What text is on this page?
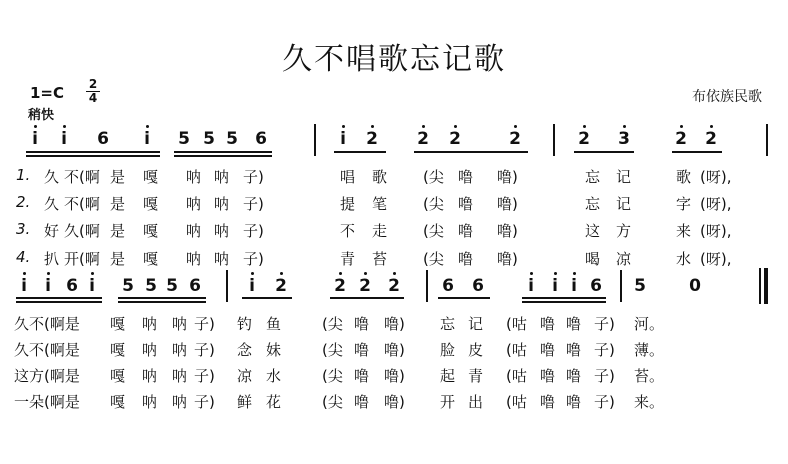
久不唱歌忘记歌
1=C 2
4
稍快
布依族民歌
i	i	6	i	5 5 5 6	i	2 2 2	2	2 3	2 2
1. 久 不(啊 是 嘎 呐 呐 子)	唱 歌 (尖 噜 噜)	忘 记	歌 (呀),
2. 久 不(啊 是 嘎 呐 呐 子)	提 笔 (尖 噜 噜)	忘 记	字 (呀),
3. 好 久(啊 是 嘎 呐 呐 子)	不 走 (尖 噜 噜)	这 方	来 (呀),
4. 扒 开(啊 是 嘎 呐 呐 子)	青 苔 (尖 噜 噜)	喝 凉	水 (呀),
i	i 6 i	5 5 5 6	i	2	2 2 2 6 6	i	i i 6 5	0
久不(啊是 嘎 呐 呐 子) 钓 鱼	(尖 噜 噜) 忘 记 (咕 噜 噜 子) 河。
久不(啊是 嘎 呐 呐 子) 念 妹	(尖 噜 噜) 脸 皮 (咕 噜 噜 子) 薄。
这方(啊是 嘎 呐 呐 子) 凉 水	(尖 噜 噜) 起 青 (咕 噜 噜 子) 苔。
一朵(啊是 嘎 呐 呐 子) 鲜 花	(尖 噜 噜) 开 出 (咕 噜 噜 子) 来。
